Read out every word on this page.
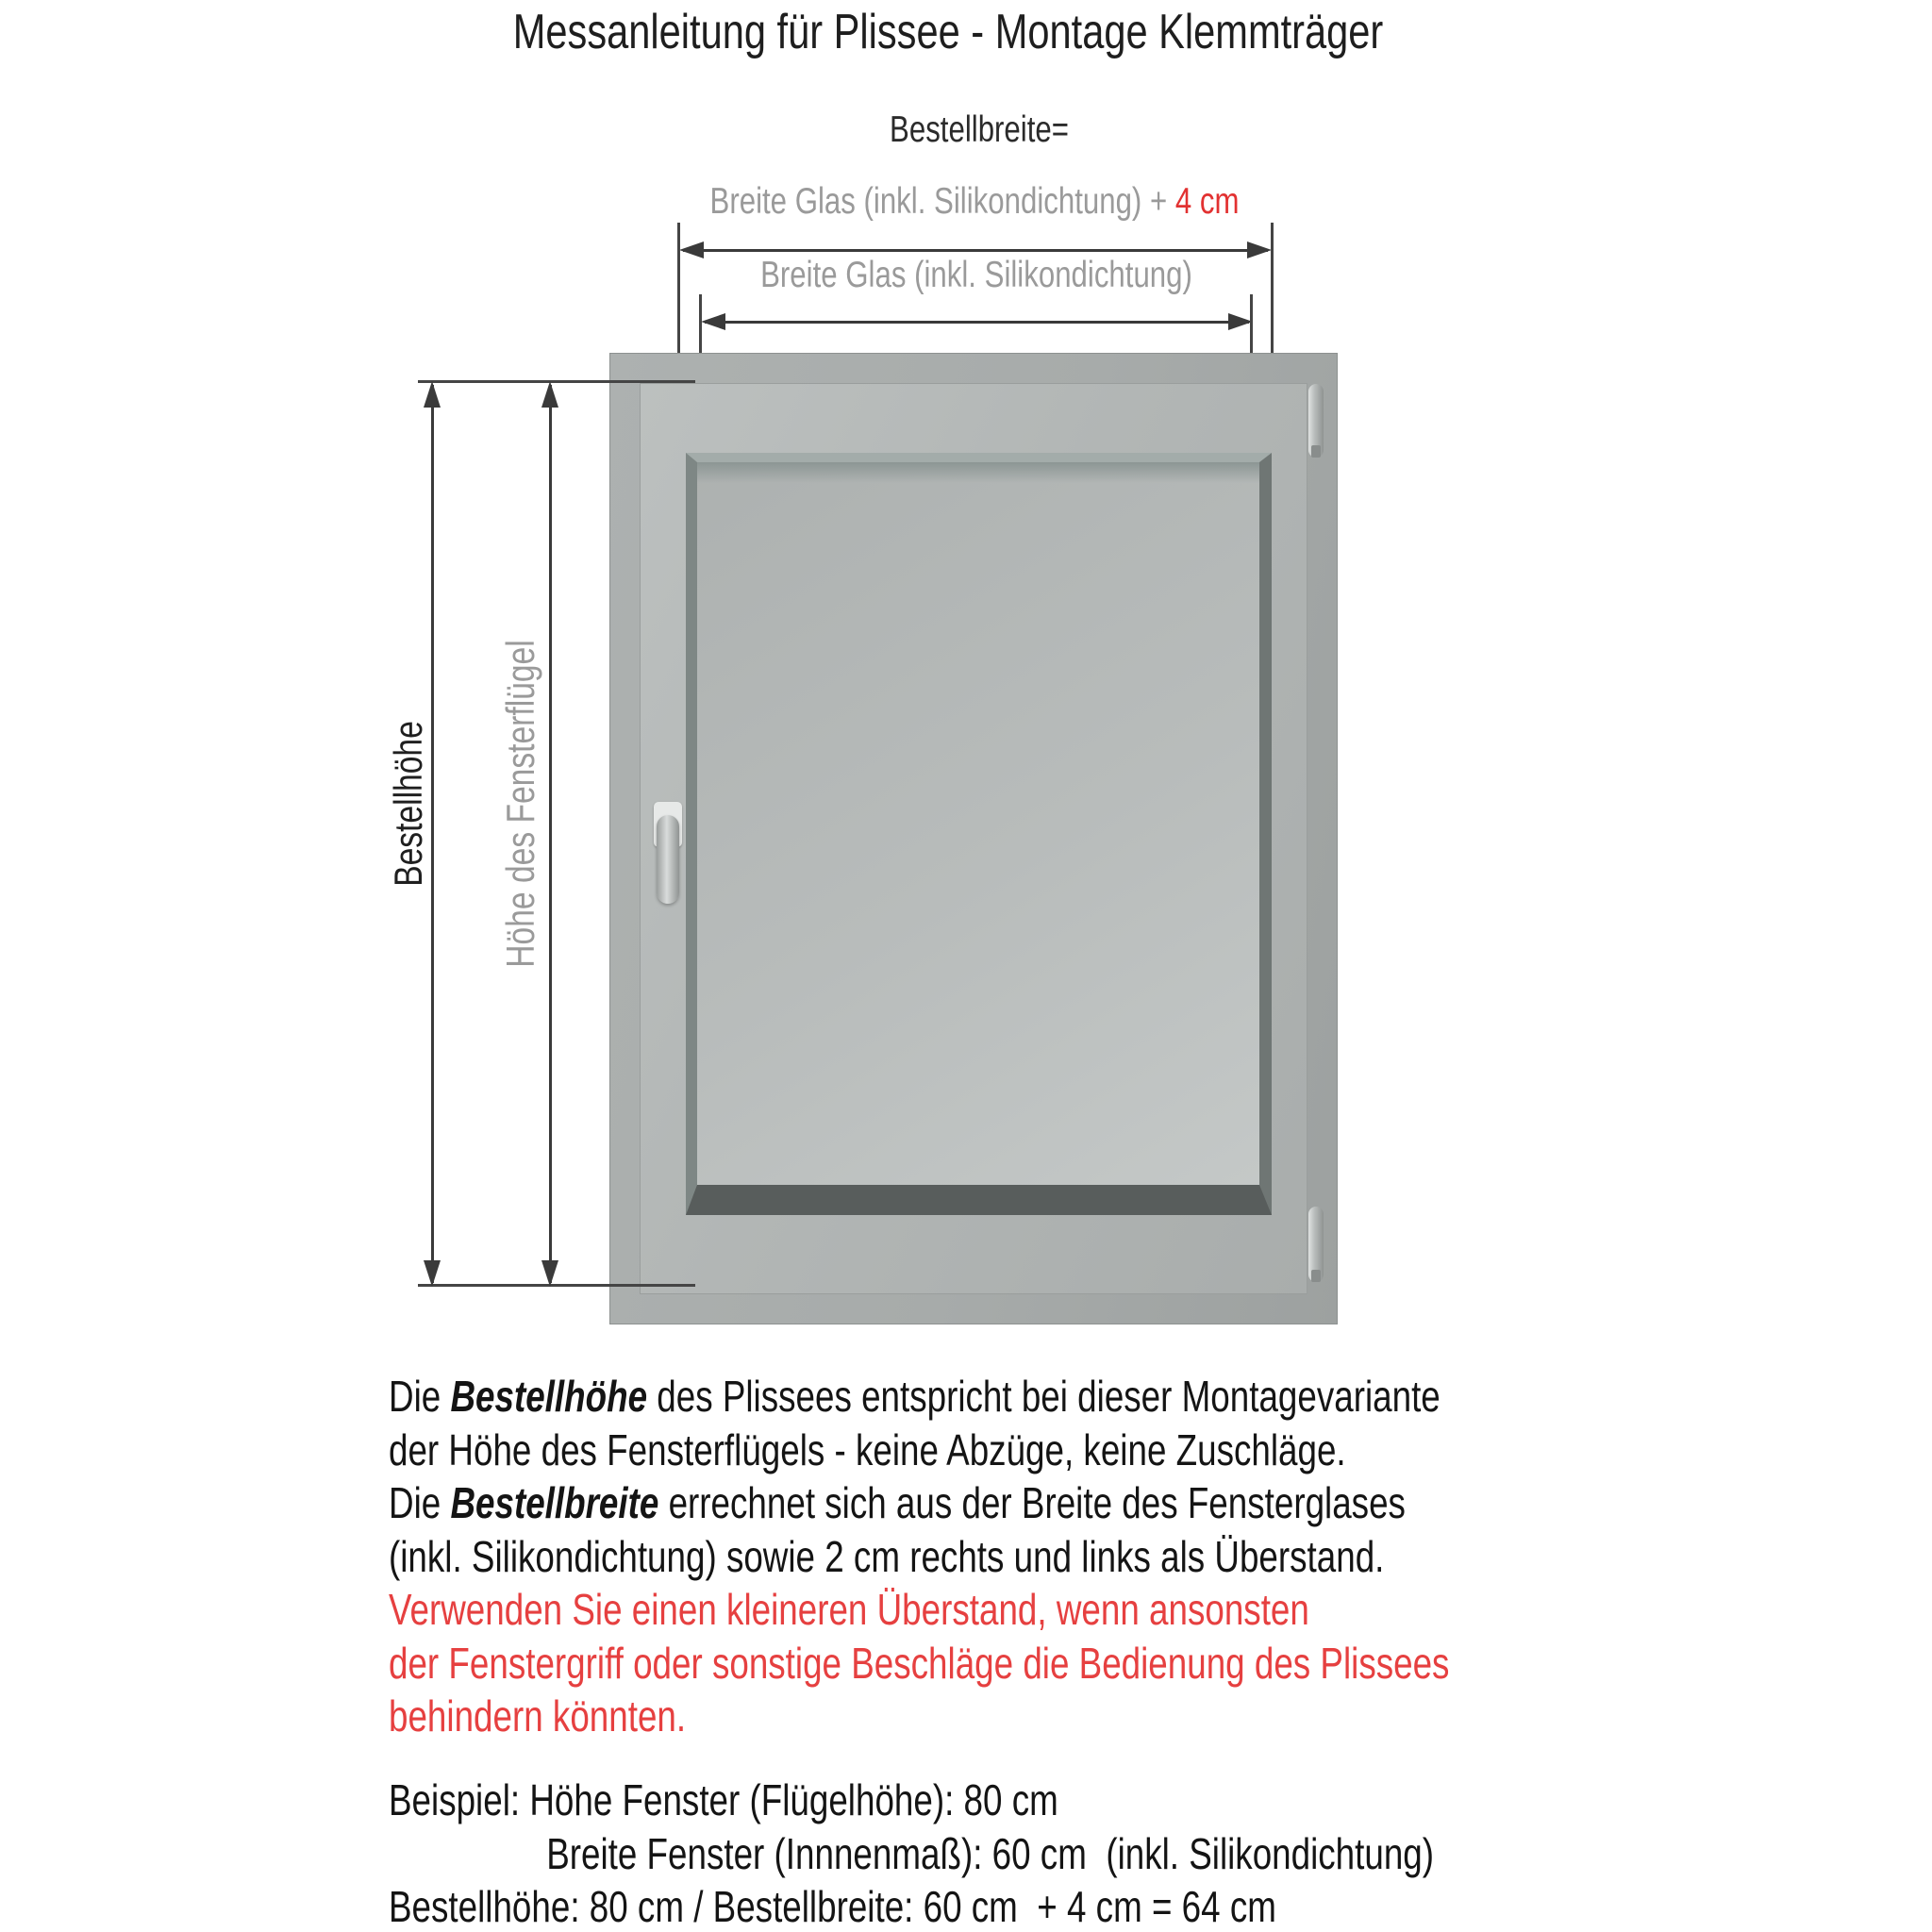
Messanleitung für Plissee - Montage Klemmträger
Bestellbreite=
Breite Glas (inkl. Silikondichtung) + 4 cm
Breite Glas (inkl. Silikondichtung)
Bestellhöhe Höhe des Fensterflügel
Die Bestellhöhe des Plissees entspricht bei dieser Montagevariante
der Höhe des Fensterflügels - keine Abzüge, keine Zuschläge.
Die Bestellbreite errechnet sich aus der Breite des Fensterglases
(inkl. Silikondichtung) sowie 2 cm rechts und links als Überstand.
Verwenden Sie einen kleineren Überstand, wenn ansonsten
der Fenstergriff oder sonstige Beschläge die Bedienung des Plissees
behindern könnten.
Beispiel: Höhe Fenster (Flügelhöhe): 80 cm
Breite Fenster (Innnenmaß): 60 cm  (inkl. Silikondichtung)
Bestellhöhe: 80 cm / Bestellbreite: 60 cm  + 4 cm = 64 cm
